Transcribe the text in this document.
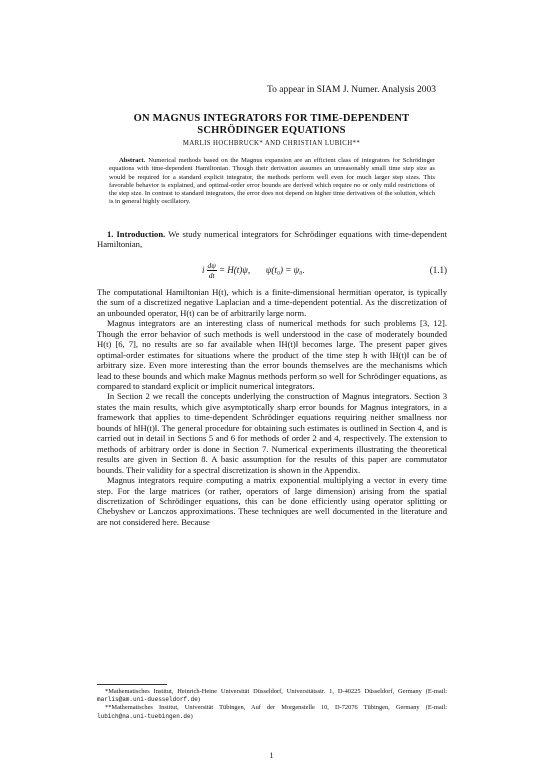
To appear in SIAM J. Numer. Analysis 2003
ON MAGNUS INTEGRATORS FOR TIME-DEPENDENT
SCHRÖDINGER EQUATIONS
MARLIS HOCHBRUCK* AND CHRISTIAN LUBICH**
Abstract. Numerical methods based on the Magnus expansion are an efficient class of integrators for Schrödinger equations with time-dependent Hamiltonian. Though their derivation assumes an unreasonably small time step size as would be required for a standard explicit integrator, the methods perform well even for much larger step sizes. This favorable behavior is explained, and optimal-order error bounds are derived which require no or only mild restrictions of the step size. In contrast to standard integrators, the error does not depend on higher time derivatives of the solution, which is in general highly oscillatory.

1. Introduction. We study numerical integrators for Schrödinger equations with time-dependent Hamiltonian,

i $\frac{d\psi}{dt} = H(t)\psi$,       ψ(t₀) = ψ₀.	(1.1)

The computational Hamiltonian H(t), which is a finite-dimensional hermitian operator, is typically the sum of a discretized negative Laplacian and a time-dependent potential. As the discretization of an unbounded operator, H(t) can be of arbitrarily large norm.

Magnus integrators are an interesting class of numerical methods for such problems [3, 12]. Though the error behavior of such methods is well understood in the case of moderately bounded H(t) [6, 7], no results are so far available when ‖H(t)‖ becomes large. The present paper gives optimal-order estimates for situations where the product of the time step h with ‖H(t)‖ can be of arbitrary size. Even more interesting than the error bounds themselves are the mechanisms which lead to these bounds and which make Magnus methods perform so well for Schrödinger equations, as compared to standard explicit or implicit numerical integrators.

In Section 2 we recall the concepts underlying the construction of Magnus integrators. Section 3 states the main results, which give asymptotically sharp error bounds for Magnus integrators, in a framework that applies to time-dependent Schrödinger equations requiring neither smallness nor bounds of h‖H(t)‖. The general procedure for obtaining such estimates is outlined in Section 4, and is carried out in detail in Sections 5 and 6 for methods of order 2 and 4, respectively. The extension to methods of arbitrary order is done in Section 7. Numerical experiments illustrating the theoretical results are given in Section 8. A basic assumption for the results of this paper are commutator bounds. Their validity for a spectral discretization is shown in the Appendix.

Magnus integrators require computing a matrix exponential multiplying a vector in every time step. For the large matrices (or rather, operators of large dimension) arising from the spatial discretization of Schrödinger equations, this can be done efficiently using operator splitting or Chebyshev or Lanczos approximations. These techniques are well documented in the literature and are not considered here. Because

*Mathematisches Institut, Heinrich-Heine Universität Düsseldorf, Universitätsstr. 1, D-40225 Düsseldorf, Germany (E-mail: marlis@am.uni-duesseldorf.de)

**Mathematisches Institut, Universität Tübingen, Auf der Morgenstelle 10, D-72076 Tübingen, Germany (E-mail: lubich@na.uni-tuebingen.de)

1
